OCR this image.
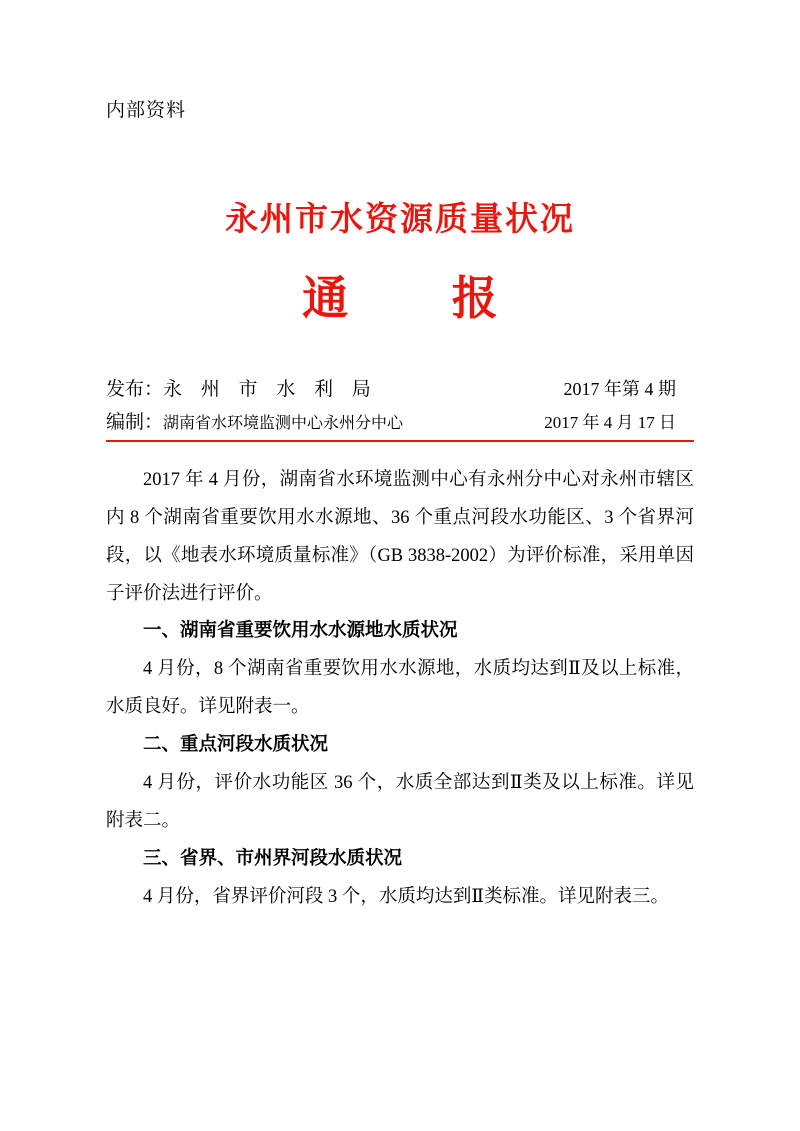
内部资料
永州市水资源质量状况
通 报
发布：永 州 市 水 利 局	2017 年第 4 期
编制：湖南省水环境监测中心永州分中心	2017 年 4 月 17 日

2017 年 4 月份，湖南省水环境监测中心有永州分中心对永州市辖区内 8 个湖南省重要饮用水水源地、36 个重点河段水功能区、3 个省界河段，以《地表水环境质量标准》（GB 3838-2002）为评价标准，采用单因子评价法进行评价。

一、湖南省重要饮用水水源地水质状况

4 月份，8 个湖南省重要饮用水水源地，水质均达到Ⅱ及以上标准，水质良好。详见附表一。

二、重点河段水质状况

4 月份，评价水功能区 36 个，水质全部达到Ⅱ类及以上标准。详见附表二。

三、省界、市州界河段水质状况

4 月份，省界评价河段 3 个，水质均达到Ⅱ类标准。详见附表三。
